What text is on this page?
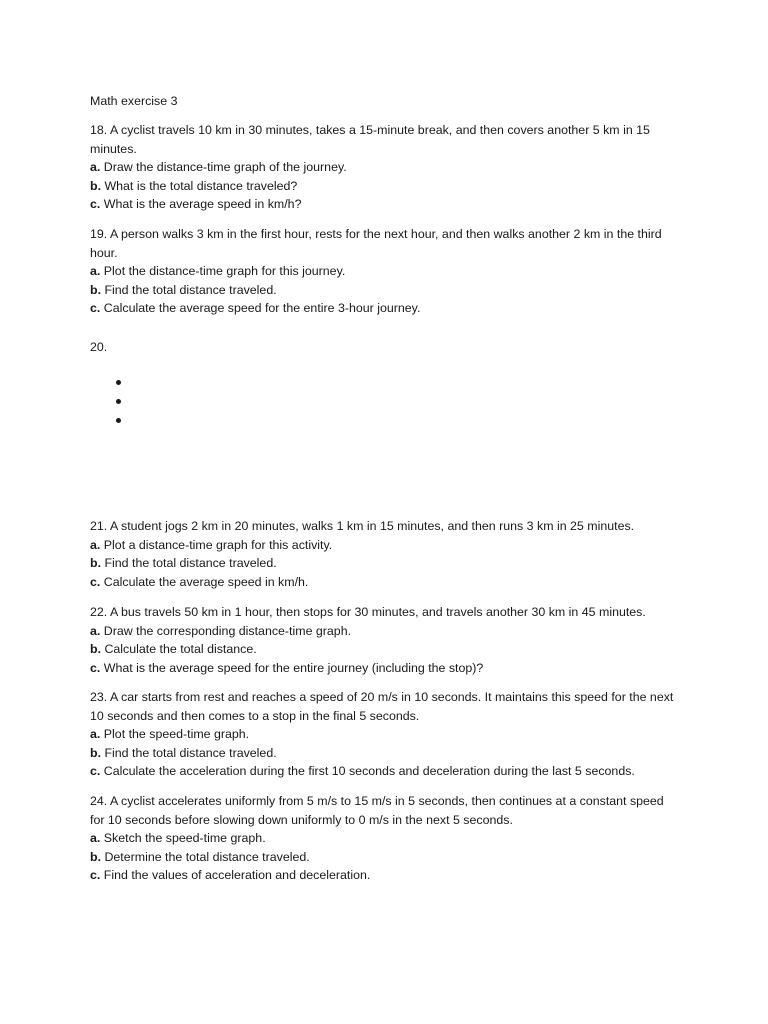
Math exercise 3

18. A cyclist travels 10 km in 30 minutes, takes a 15-minute break, and then covers another 5 km in 15 minutes.

a. Draw the distance-time graph of the journey.
b. What is the total distance traveled?
c. What is the average speed in km/h?

19. A person walks 3 km in the first hour, rests for the next hour, and then walks another 2 km in the third hour.

a. Plot the distance-time graph for this journey.
b. Find the total distance traveled.
c. Calculate the average speed for the entire 3-hour journey.

20.

21. A student jogs 2 km in 20 minutes, walks 1 km in 15 minutes, and then runs 3 km in 25 minutes.

a. Plot a distance-time graph for this activity.
b. Find the total distance traveled.
c. Calculate the average speed in km/h.

22. A bus travels 50 km in 1 hour, then stops for 30 minutes, and travels another 30 km in 45 minutes.

a. Draw the corresponding distance-time graph.
b. Calculate the total distance.
c. What is the average speed for the entire journey (including the stop)?

23. A car starts from rest and reaches a speed of 20 m/s in 10 seconds. It maintains this speed for the next 10 seconds and then comes to a stop in the final 5 seconds.

a. Plot the speed-time graph.
b. Find the total distance traveled.
c. Calculate the acceleration during the first 10 seconds and deceleration during the last 5 seconds.

24. A cyclist accelerates uniformly from 5 m/s to 15 m/s in 5 seconds, then continues at a constant speed for 10 seconds before slowing down uniformly to 0 m/s in the next 5 seconds.

a. Sketch the speed-time graph.
b. Determine the total distance traveled.
c. Find the values of acceleration and deceleration.
